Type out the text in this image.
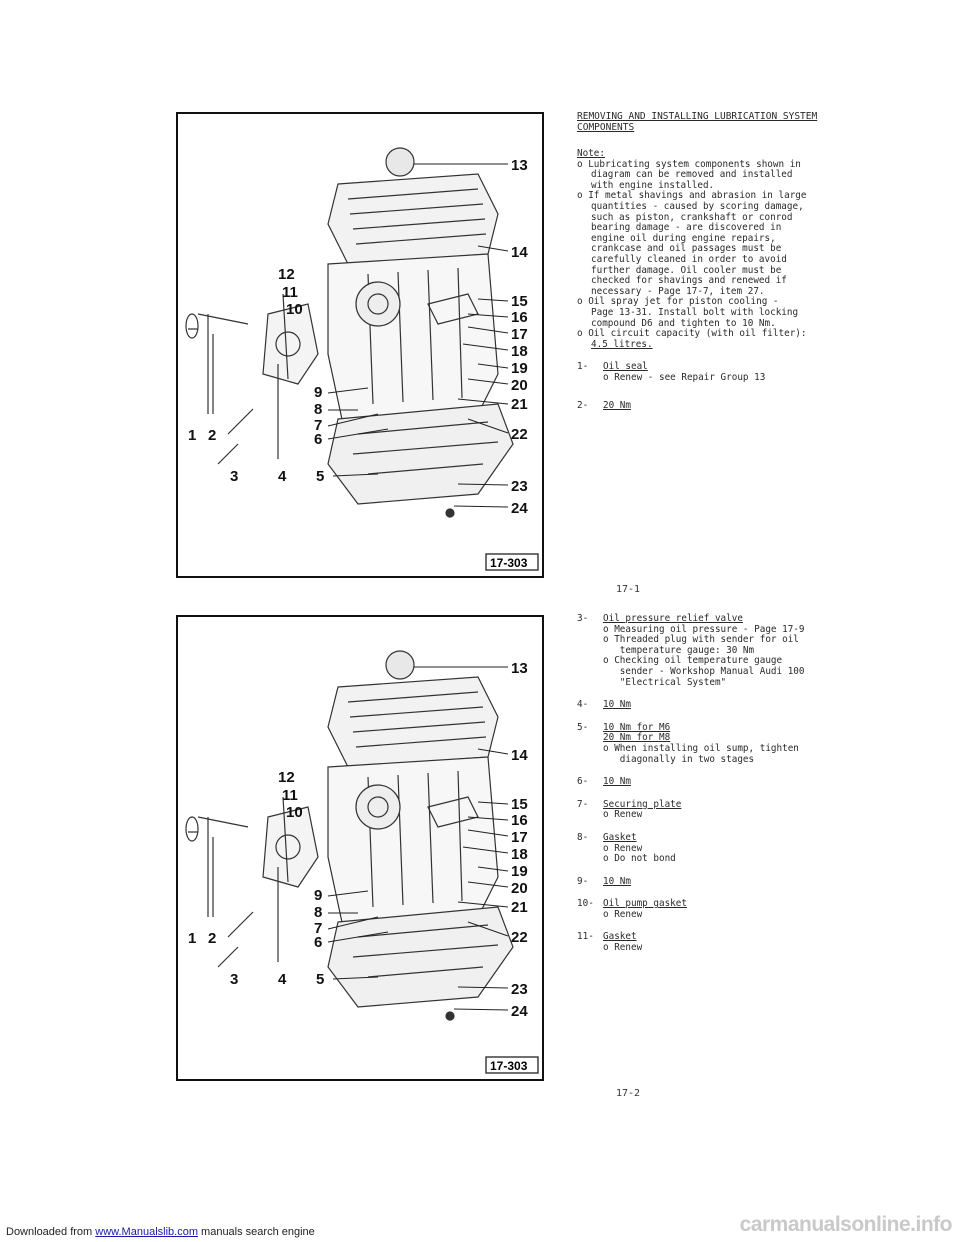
13
14
15
16
17
18
19
20
21
22
23
24
12
11
10
9
8
7
6
5
4
3
2
1
17-303
REMOVING AND INSTALLING LUBRICATION SYSTEM
COMPONENTS
Note:
o Lubricating system components shown in
diagram can be removed and installed
with engine installed.
o If metal shavings and abrasion in large
quantities - caused by scoring damage,
such as piston, crankshaft or conrod
bearing damage - are discovered in
engine oil during engine repairs,
crankcase and oil passages must be
carefully cleaned in order to avoid
further damage. Oil cooler must be
checked for shavings and renewed if
necessary - Page 17-7, item 27.
o Oil spray jet for piston cooling -
Page 13-31. Install bolt with locking
compound D6 and tighten to 10 Nm.
o Oil circuit capacity (with oil filter):
4.5 litres.
1- Oil seal
o Renew - see Repair Group 13
2- 20 Nm
17-1
13
14
15
16
17
18
19
20
21
22
23
24
12
11
10
9
8
7
6
5
4
3
2
1
17-303
3- Oil pressure relief valve
o Measuring oil pressure - Page 17-9
o Threaded plug with sender for oil
temperature gauge: 30 Nm
o Checking oil temperature gauge
sender - Workshop Manual Audi 100
"Electrical System"
4- 10 Nm
5- 10 Nm for M6
20 Nm for M8
o When installing oil sump, tighten
diagonally in two stages
6- 10 Nm
7- Securing plate
o Renew
8- Gasket
o Renew
o Do not bond
9- 10 Nm
10- Oil pump gasket
o Renew
11- Gasket
o Renew
17-2
Downloaded from www.Manualslib.com manuals search engine	carmanualsonline.info
